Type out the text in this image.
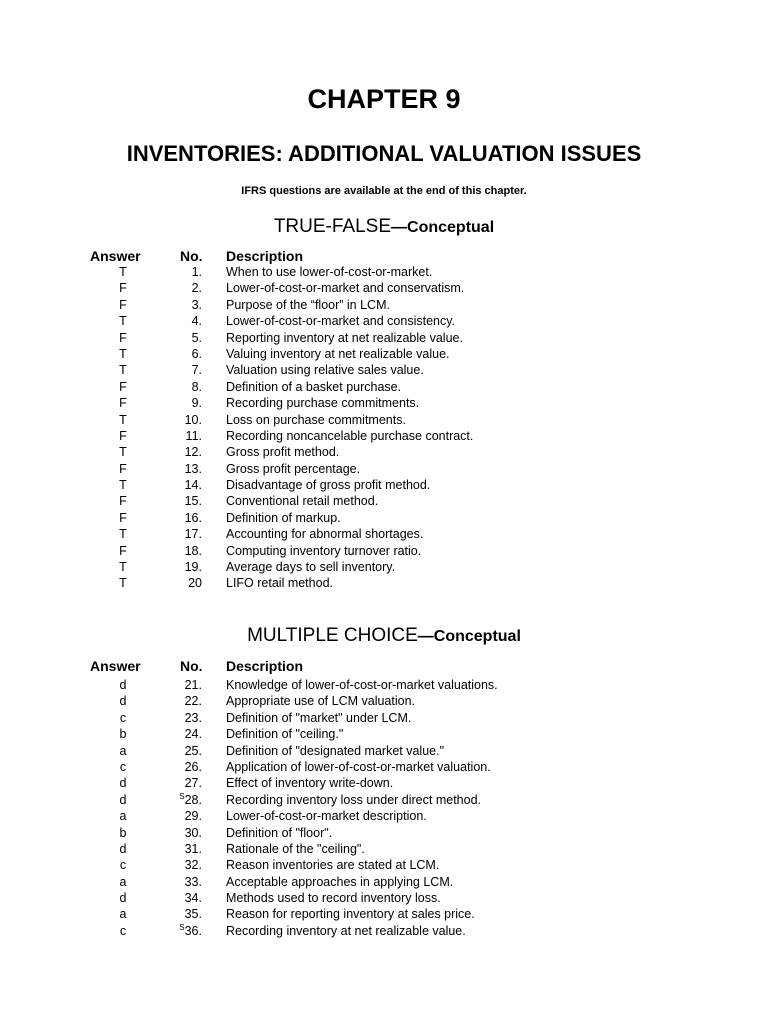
CHAPTER 9
INVENTORIES: ADDITIONAL VALUATION ISSUES
IFRS questions are available at the end of this chapter.
TRUE-FALSE—Conceptual
Answer	No. Description
T	1. When to use lower-of-cost-or-market.
F	2. Lower-of-cost-or-market and conservatism.
F	3. Purpose of the “floor” in LCM.
T	4. Lower-of-cost-or-market and consistency.
F	5. Reporting inventory at net realizable value.
T	6. Valuing inventory at net realizable value.
T	7. Valuation using relative sales value.
F	8. Definition of a basket purchase.
F	9. Recording purchase commitments.
T	10. Loss on purchase commitments.
F	11. Recording noncancelable purchase contract.
T	12. Gross profit method.
F	13. Gross profit percentage.
T	14. Disadvantage of gross profit method.
F	15. Conventional retail method.
F	16. Definition of markup.
T	17. Accounting for abnormal shortages.
F	18. Computing inventory turnover ratio.
T	19. Average days to sell inventory.
T	20 LIFO retail method.
MULTIPLE CHOICE—Conceptual
Answer	No. Description
d	21. Knowledge of lower-of-cost-or-market valuations.
d	22. Appropriate use of LCM valuation.
c	23. Definition of "market" under LCM.
b	24. Definition of "ceiling."
a	25. Definition of "designated market value."
c	26. Application of lower-of-cost-or-market valuation.
d	27. Effect of inventory write-down.
d	$^S$28. Recording inventory loss under direct method.
a	29. Lower-of-cost-or-market description.
b	30. Definition of "floor".
d	31. Rationale of the "ceiling".
c	32. Reason inventories are stated at LCM.
a	33. Acceptable approaches in applying LCM.
d	34. Methods used to record inventory loss.
a	35. Reason for reporting inventory at sales price.
c	$^S$36. Recording inventory at net realizable value.
